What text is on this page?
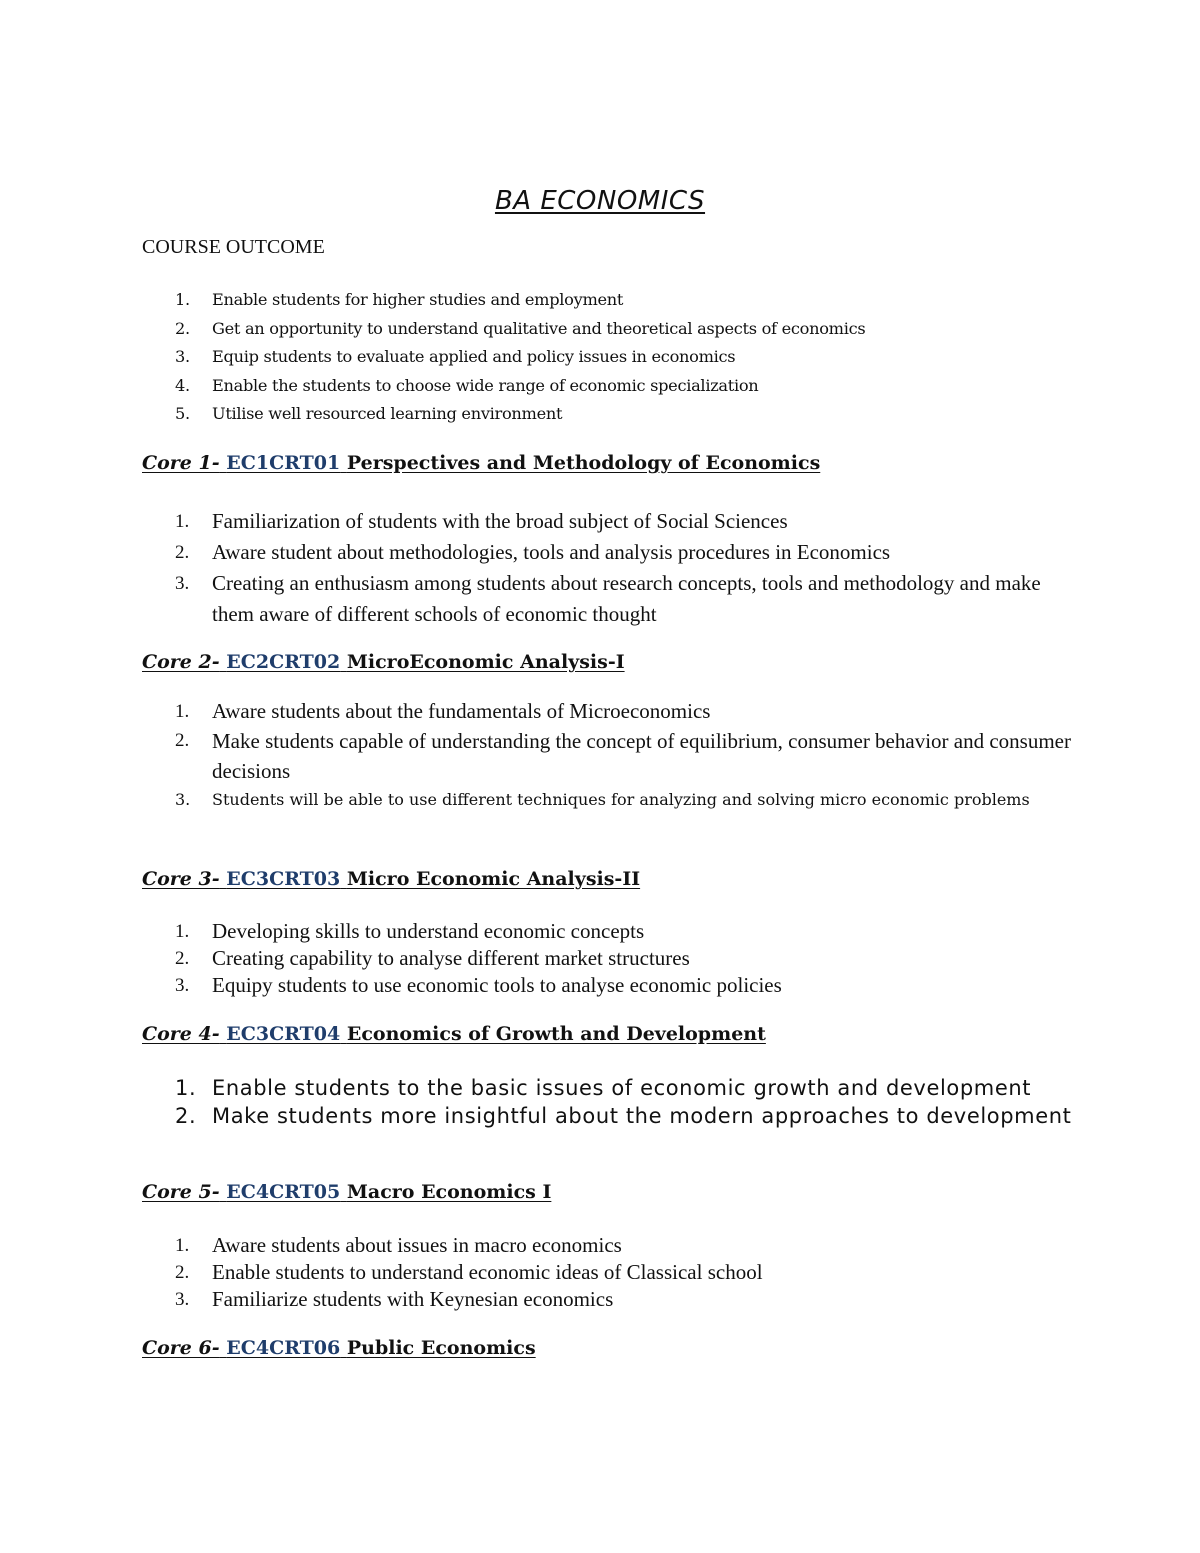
BA ECONOMICS
COURSE OUTCOME
1. Enable students for higher studies and employment
2. Get an opportunity to understand qualitative and theoretical aspects of economics
3. Equip students to evaluate applied and policy issues in economics
4. Enable the students to choose wide range of economic specialization
5. Utilise well resourced learning environment
Core 1- EC1CRT01 Perspectives and Methodology of Economics
1. Familiarization of students with the broad subject of Social Sciences
2. Aware student about methodologies, tools and analysis procedures in Economics
3. Creating an enthusiasm among students about research concepts, tools and methodology and make them aware of different schools of economic thought
Core 2- EC2CRT02 MicroEconomic Analysis-I
1. Aware students about the fundamentals of Microeconomics
2. Make students capable of understanding the concept of equilibrium, consumer behavior and consumer decisions
3. Students will be able to use different techniques for analyzing and solving micro economic problems
Core 3- EC3CRT03 Micro Economic Analysis-II
1. Developing skills to understand economic concepts
2. Creating capability to analyse different market structures
3. Equipy students to use economic tools to analyse economic policies
Core 4- EC3CRT04 Economics of Growth and Development
1. Enable students to the basic issues of economic growth and development
2. Make students more insightful about the modern approaches to development
Core 5- EC4CRT05 Macro Economics I
1. Aware students about issues in macro economics
2. Enable students to understand economic ideas of Classical school
3. Familiarize students with Keynesian economics
Core 6- EC4CRT06 Public Economics
